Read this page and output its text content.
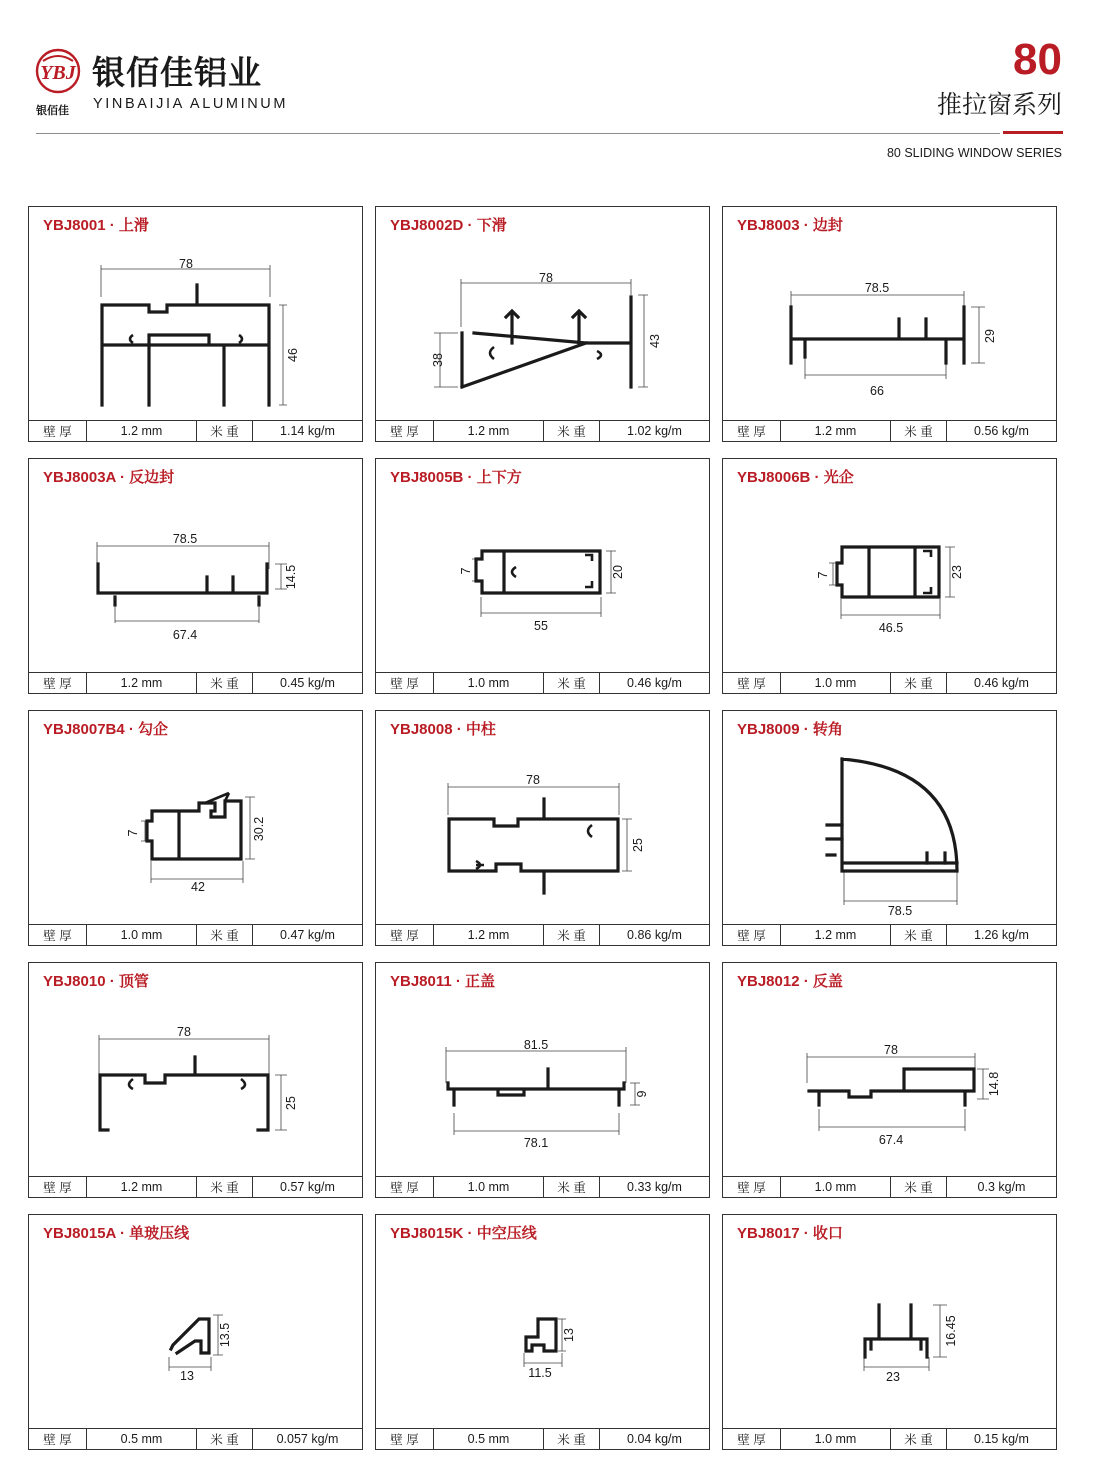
YBJ
银佰佳
银佰佳铝业
YINBAIJIA ALUMINUM
80
推拉窗系列
80 SLIDING WINDOW SERIES
YBJ8001 · 上滑
78
46
壁 厚	1.2 mm	米 重	1.14 kg/m
YBJ8002D · 下滑
78
38
43
壁 厚	1.2 mm	米 重	1.02 kg/m
YBJ8003 · 边封
78.5
66
29
壁 厚	1.2 mm	米 重	0.56 kg/m
YBJ8003A · 反边封
78.5
67.4
14.5
壁 厚	1.2 mm	米 重	0.45 kg/m
YBJ8005B · 上下方
55
7	20
壁 厚	1.0 mm	米 重	0.46 kg/m
YBJ8006B · 光企
46.5
7	23
壁 厚	1.0 mm	米 重	0.46 kg/m
YBJ8007B4 · 勾企
42
7	30.2
壁 厚	1.0 mm	米 重	0.47 kg/m
YBJ8008 · 中柱
78
25
壁 厚	1.2 mm	米 重	0.86 kg/m
YBJ8009 · 转角
78.5
壁 厚	1.2 mm	米 重	1.26 kg/m
YBJ8010 · 顶管
78
25
壁 厚	1.2 mm	米 重	0.57 kg/m
YBJ8011 · 正盖
81.5
78.1
9
壁 厚	1.0 mm	米 重	0.33 kg/m
YBJ8012 · 反盖
78
67.4
14.8
壁 厚	1.0 mm	米 重	0.3 kg/m
YBJ8015A · 单玻压线
13
13.5
壁 厚	0.5 mm	米 重	0.057 kg/m
YBJ8015K · 中空压线
11.5
13
壁 厚	0.5 mm	米 重	0.04 kg/m
YBJ8017 · 收口
23
16.45
壁 厚	1.0 mm	米 重	0.15 kg/m
